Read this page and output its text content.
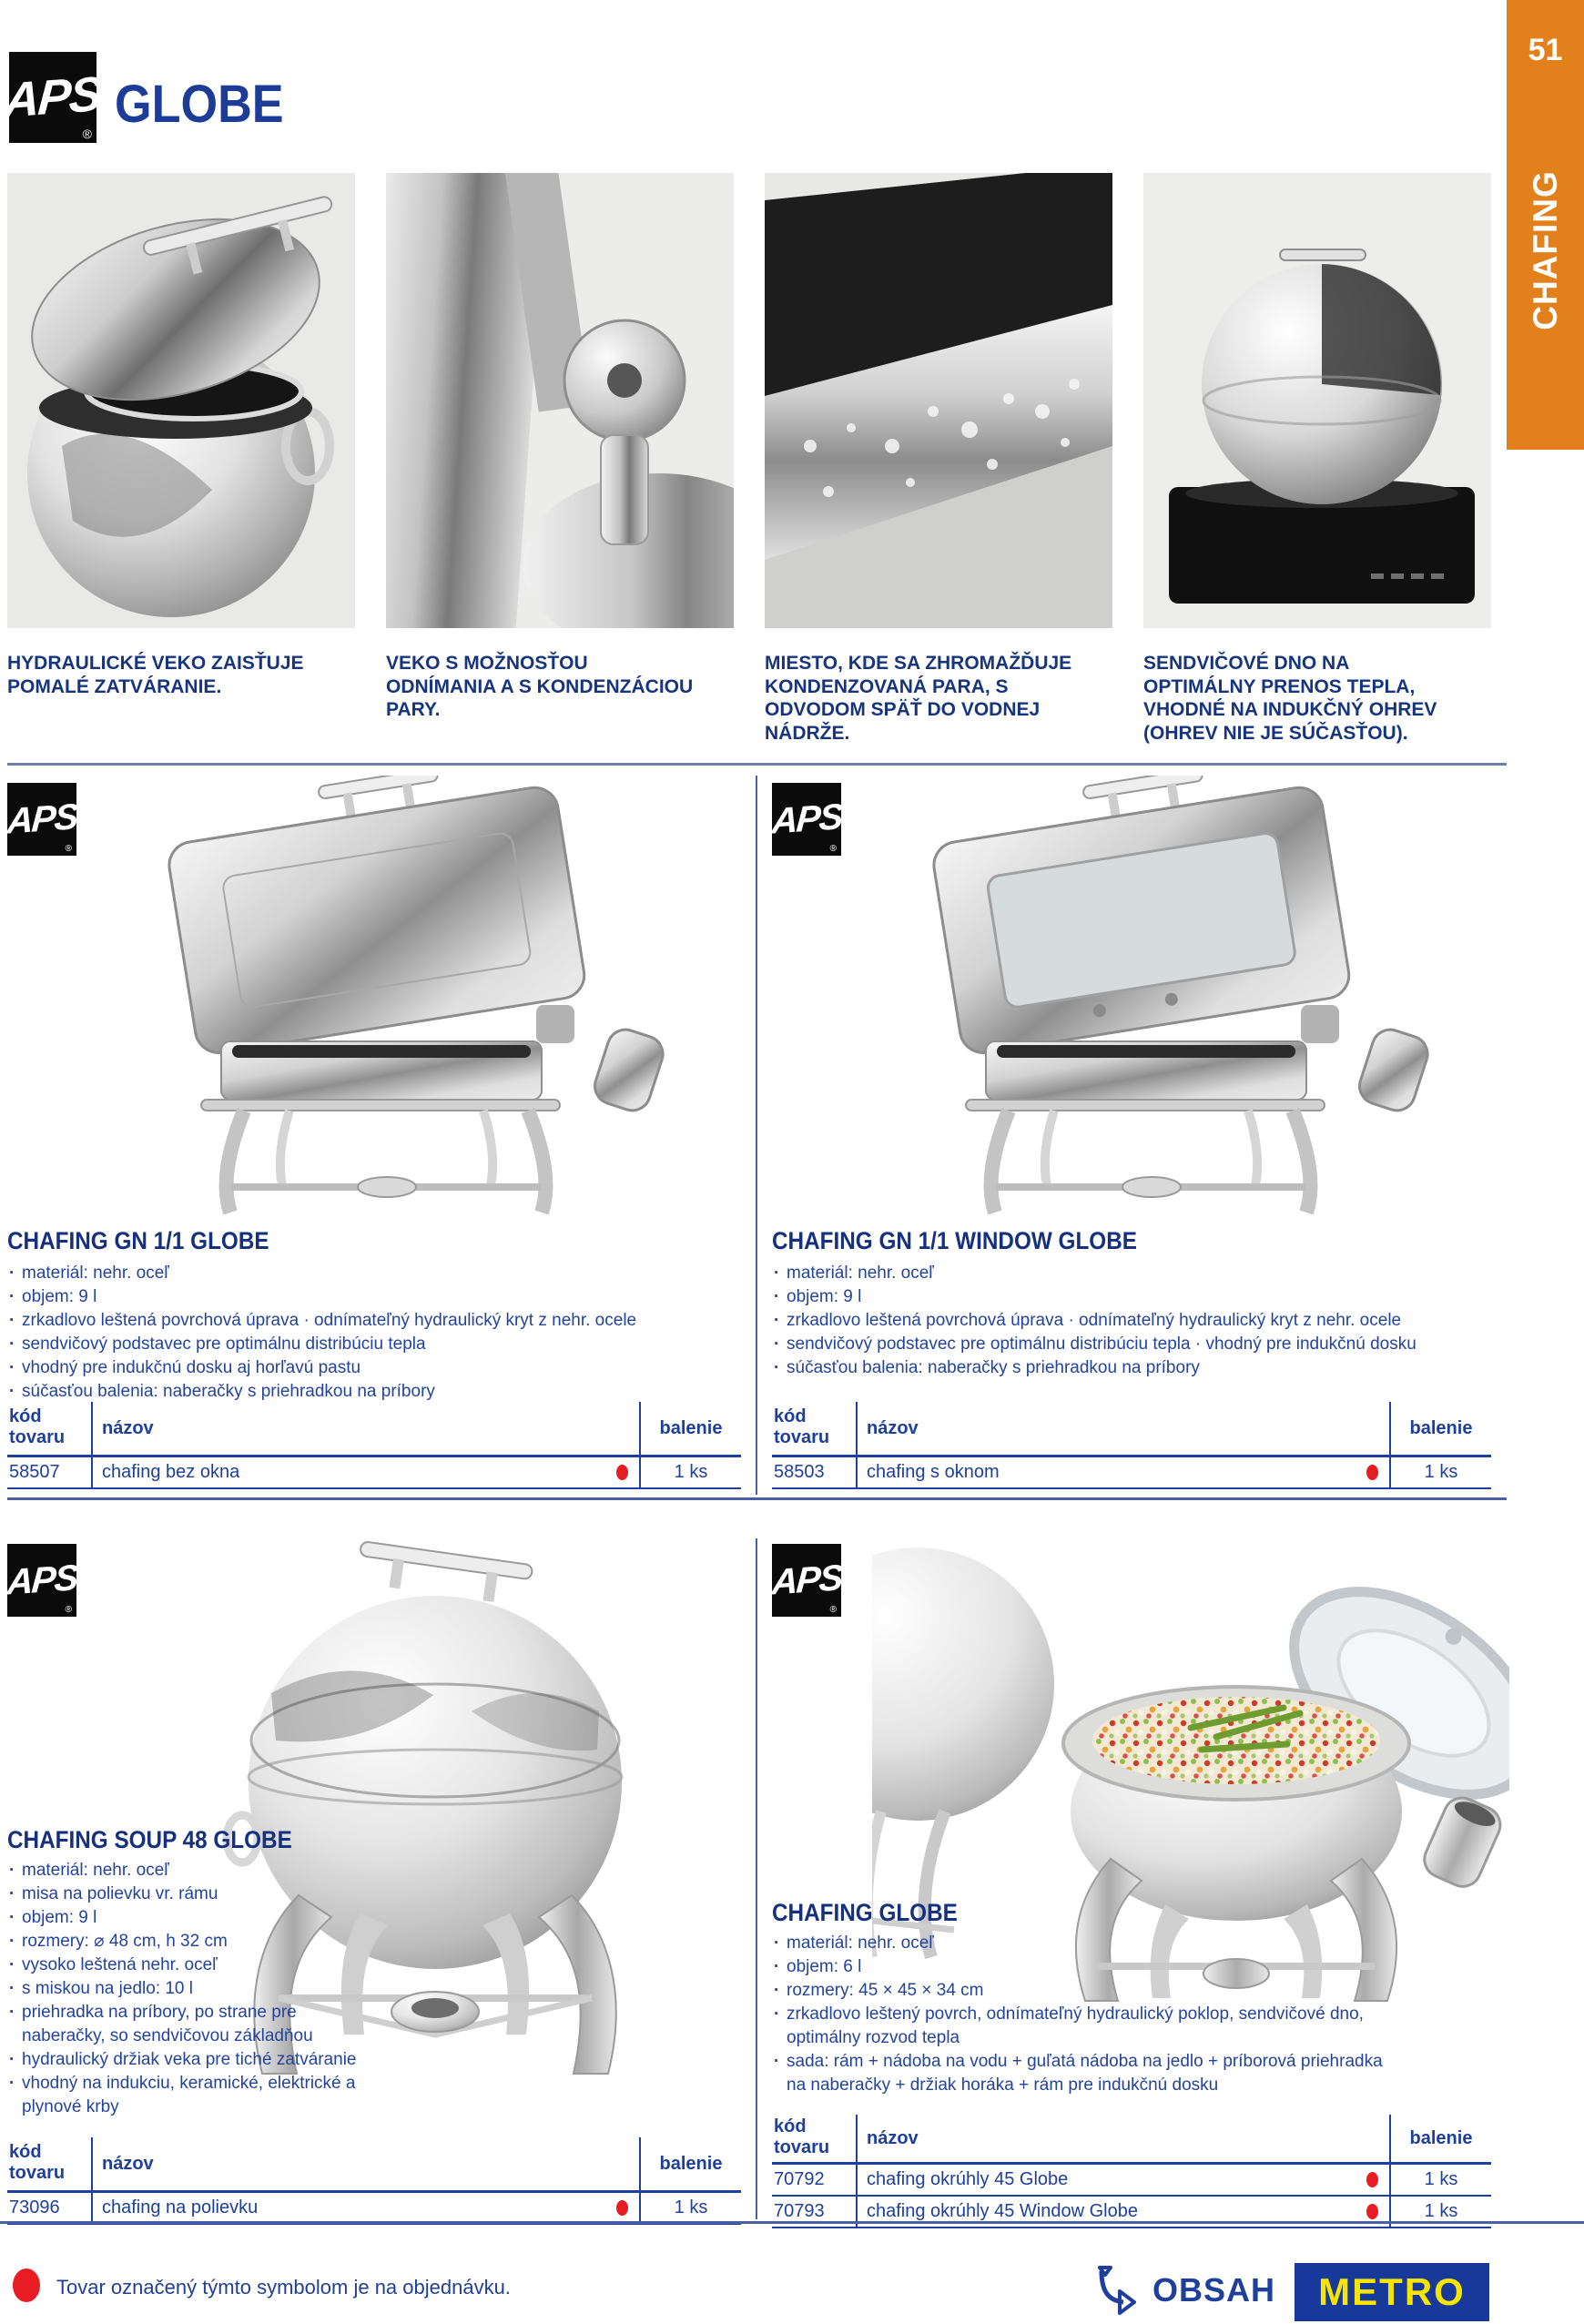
APS
® GLOBE
51
CHAFING
HYDRAULICKÉ VEKO ZAISŤUJE POMALÉ ZATVÁRANIE.
VEKO S MOŽNOSŤOU ODNÍMANIA A S KONDENZÁCIOU PARY.
MIESTO, KDE SA ZHROMAŽĎUJE KONDENZOVANÁ PARA, S ODVODOM SPÄŤ DO VODNEJ NÁDRŽE.
SENDVIČOVÉ DNO NA OPTIMÁLNY PRENOS TEPLA, VHODNÉ NA INDUKČNÝ OHREV (OHREV NIE JE SÚČASŤOU).
APS
®
CHAFING GN 1/1 GLOBE
· materiál: nehr. oceľ
· objem: 9 l
· zrkadlovo leštená povrchová úprava · odnímateľný hydraulický kryt z nehr. ocele
· sendvičový podstavec pre optimálnu distribúciu tepla
· vhodný pre indukčnú dosku aj horľavú pastu
· súčasťou balenia: naberačky s priehradkou na príbory
kód tovaru	názov	balenie
58507	chafing bez okna	1 ks
APS
®
CHAFING GN 1/1 WINDOW GLOBE
· materiál: nehr. oceľ
· objem: 9 l
· zrkadlovo leštená povrchová úprava · odnímateľný hydraulický kryt z nehr. ocele
· sendvičový podstavec pre optimálnu distribúciu tepla · vhodný pre indukčnú dosku
· súčasťou balenia: naberačky s priehradkou na príbory
kód tovaru	názov	balenie
58503	chafing s oknom	1 ks
APS
®
CHAFING SOUP 48 GLOBE
· materiál: nehr. oceľ
· misa na polievku vr. rámu
· objem: 9 l
· rozmery: ⌀ 48 cm, h 32 cm
· vysoko leštená nehr. oceľ
· s miskou na jedlo: 10 l
· priehradka na príbory, po strane pre naberačky, so sendvičovou základňou
· hydraulický držiak veka pre tiché zatváranie
· vhodný na indukciu, keramické, elektrické a plynové krby
kód tovaru	názov	balenie
73096	chafing na polievku	1 ks
APS
®
CHAFING GLOBE
· materiál: nehr. oceľ
· objem: 6 l
· rozmery: 45 × 45 × 34 cm
· zrkadlovo leštený povrch, odnímateľný hydraulický poklop, sendvičové dno, optimálny rozvod tepla
· sada: rám + nádoba na vodu + guľatá nádoba na jedlo + príborová priehradka na naberačky + držiak horáka + rám pre indukčnú dosku
kód tovaru	názov	balenie
70792	chafing okrúhly 45 Globe	1 ks
70793	chafing okrúhly 45 Window Globe	1 ks
Tovar označený týmto symbolom je na objednávku.	OBSAH METRO
